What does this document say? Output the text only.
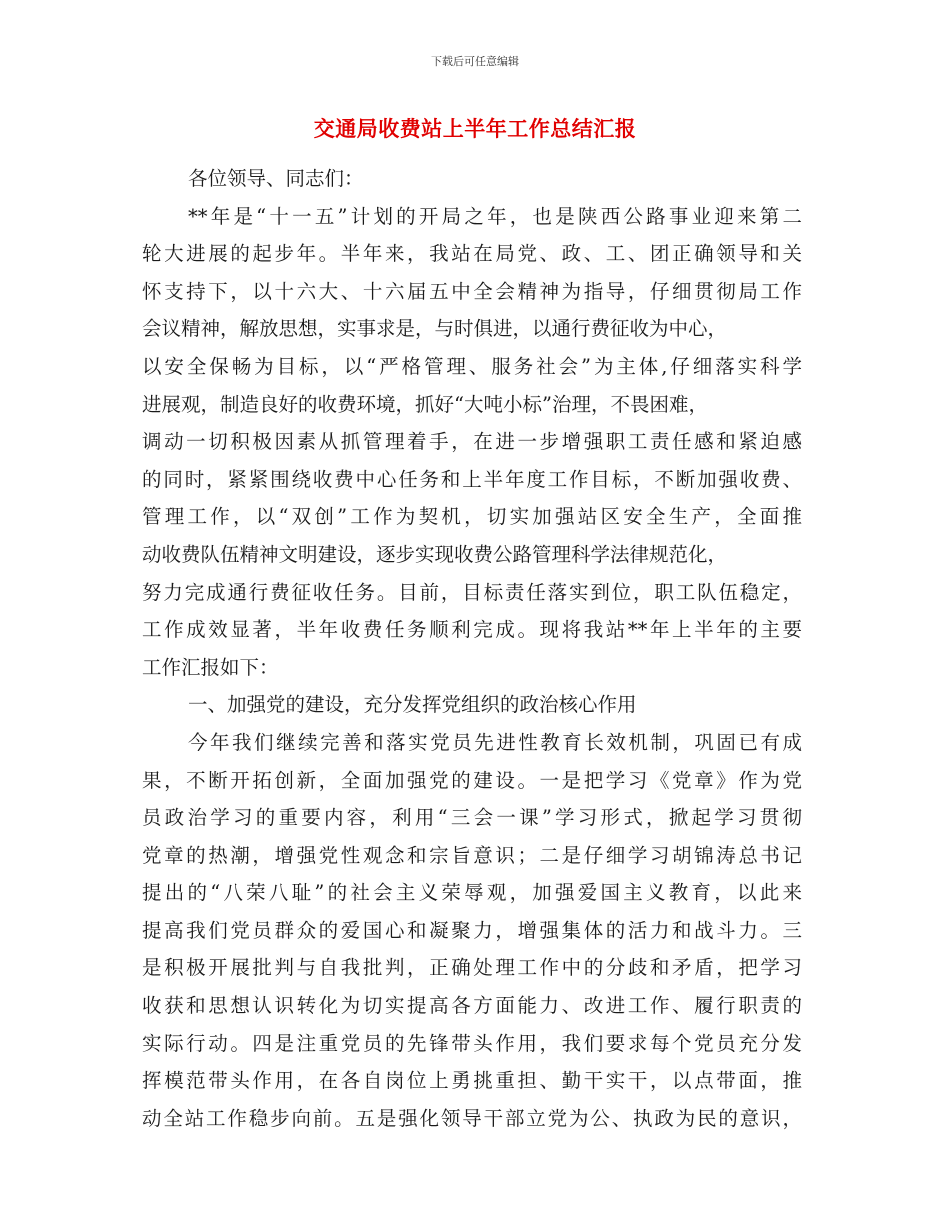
下载后可任意编辑
交通局收费站上半年工作总结汇报
各位领导、同志们：
**年是“十一五”计划的开局之年，也是陕西公路事业迎来第二
轮大进展的起步年。半年来，我站在局党、政、工、团正确领导和关
怀支持下，以十六大、十六届五中全会精神为指导，仔细贯彻局工作
会议精神，解放思想，实事求是，与时俱进，以通行费征收为中心，
以安全保畅为目标，以“严格管理、服务社会”为主体,仔细落实科学
进展观，制造良好的收费环境，抓好“大吨小标”治理，不畏困难，
调动一切积极因素从抓管理着手，在进一步增强职工责任感和紧迫感
的同时，紧紧围绕收费中心任务和上半年度工作目标，不断加强收费、
管理工作，以“双创”工作为契机，切实加强站区安全生产，全面推
动收费队伍精神文明建设，逐步实现收费公路管理科学法律规范化，
努力完成通行费征收任务。目前，目标责任落实到位，职工队伍稳定，
工作成效显著，半年收费任务顺利完成。现将我站**年上半年的主要
工作汇报如下：
一、加强党的建设，充分发挥党组织的政治核心作用
今年我们继续完善和落实党员先进性教育长效机制，巩固已有成
果，不断开拓创新，全面加强党的建设。一是把学习《党章》作为党
员政治学习的重要内容，利用“三会一课”学习形式，掀起学习贯彻
党章的热潮，增强党性观念和宗旨意识；二是仔细学习胡锦涛总书记
提出的“八荣八耻”的社会主义荣辱观，加强爱国主义教育，以此来
提高我们党员群众的爱国心和凝聚力，增强集体的活力和战斗力。三
是积极开展批判与自我批判，正确处理工作中的分歧和矛盾，把学习
收获和思想认识转化为切实提高各方面能力、改进工作、履行职责的
实际行动。四是注重党员的先锋带头作用，我们要求每个党员充分发
挥模范带头作用，在各自岗位上勇挑重担、勤干实干，以点带面，推
动全站工作稳步向前。五是强化领导干部立党为公、执政为民的意识，
